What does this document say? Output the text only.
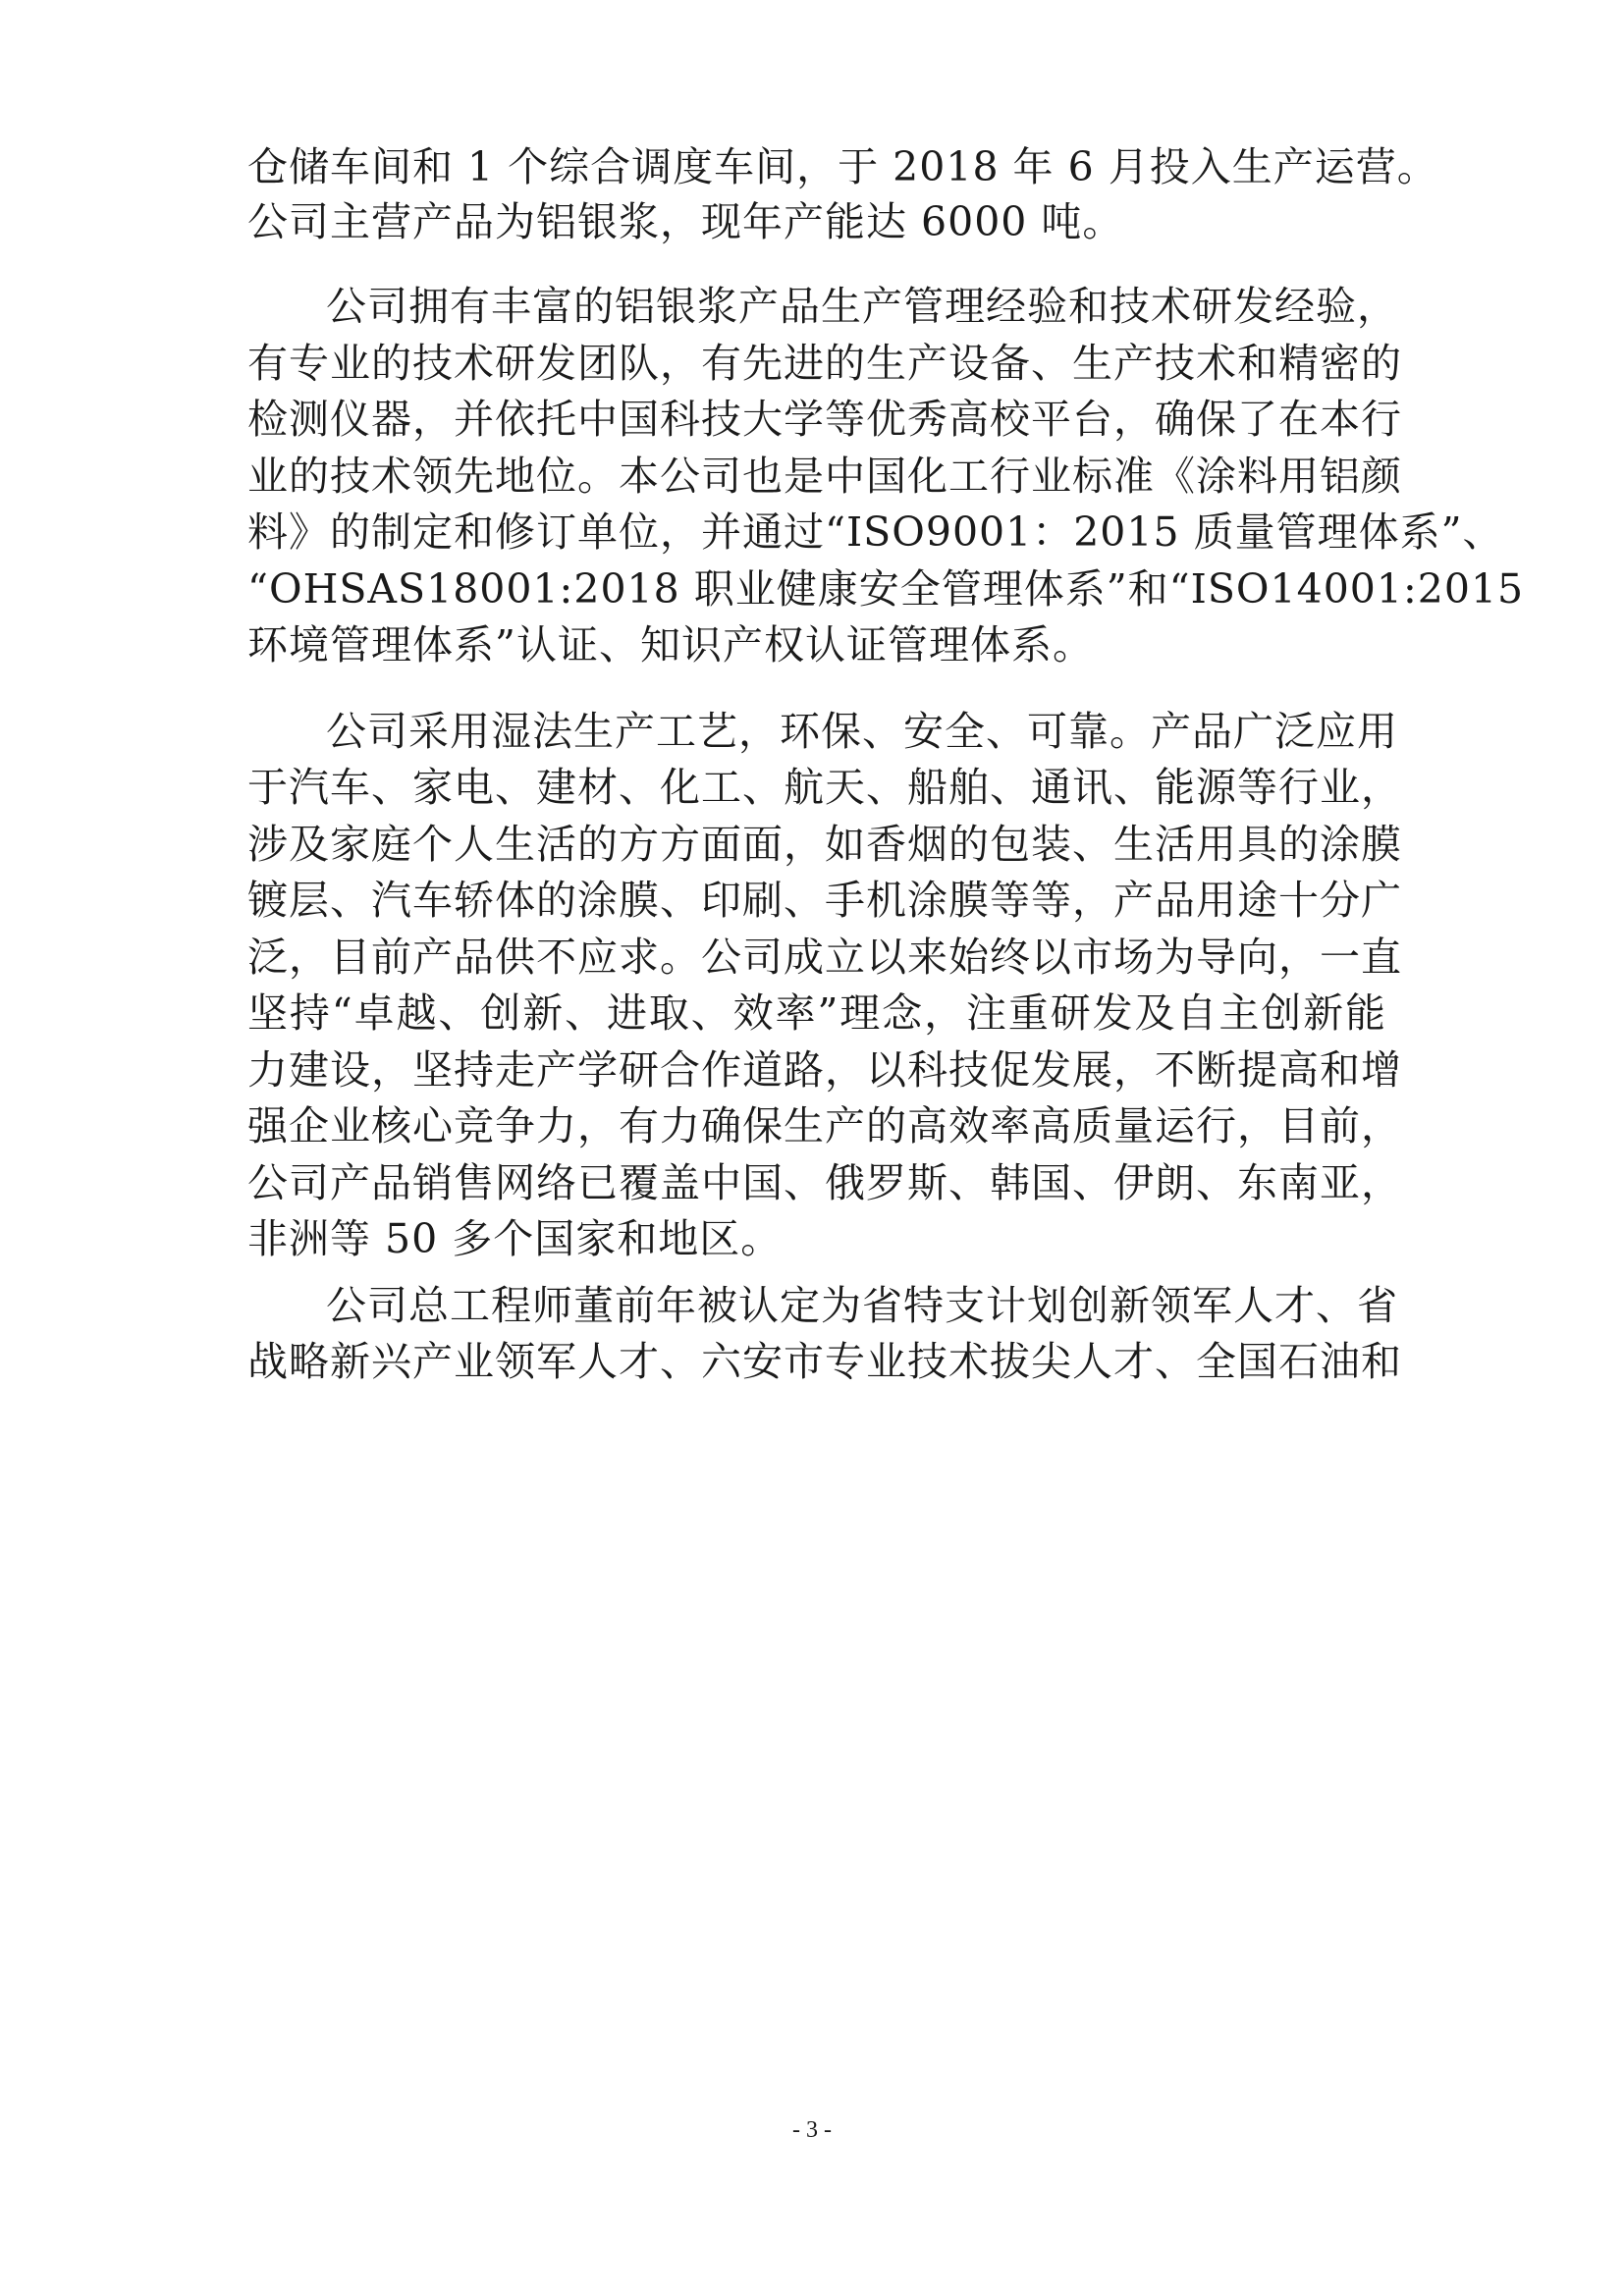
仓储车间和 1 个综合调度车间，于 2018 年 6 月投入生产运营。
公司主营产品为铝银浆，现年产能达 6000 吨。
公司拥有丰富的铝银浆产品生产管理经验和技术研发经验，
有专业的技术研发团队，有先进的生产设备、生产技术和精密的
检测仪器，并依托中国科技大学等优秀高校平台，确保了在本行
业的技术领先地位。本公司也是中国化工行业标准《涂料用铝颜
料》的制定和修订单位，并通过“ISO9001：2015 质量管理体系”、
“OHSAS18001:2018 职业健康安全管理体系”和“ISO14001:2015
环境管理体系”认证、知识产权认证管理体系。
公司采用湿法生产工艺，环保、安全、可靠。产品广泛应用
于汽车、家电、建材、化工、航天、船舶、通讯、能源等行业，
涉及家庭个人生活的方方面面，如香烟的包装、生活用具的涂膜
镀层、汽车轿体的涂膜、印刷、手机涂膜等等，产品用途十分广
泛，目前产品供不应求。公司成立以来始终以市场为导向，一直
坚持“卓越、创新、进取、效率”理念，注重研发及自主创新能
力建设，坚持走产学研合作道路，以科技促发展，不断提高和增
强企业核心竞争力，有力确保生产的高效率高质量运行，目前，
公司产品销售网络已覆盖中国、俄罗斯、韩国、伊朗、东南亚，
非洲等 50 多个国家和地区。
公司总工程师董前年被认定为省特支计划创新领军人才、省
战略新兴产业领军人才、六安市专业技术拔尖人才、全国石油和
- 3 -
